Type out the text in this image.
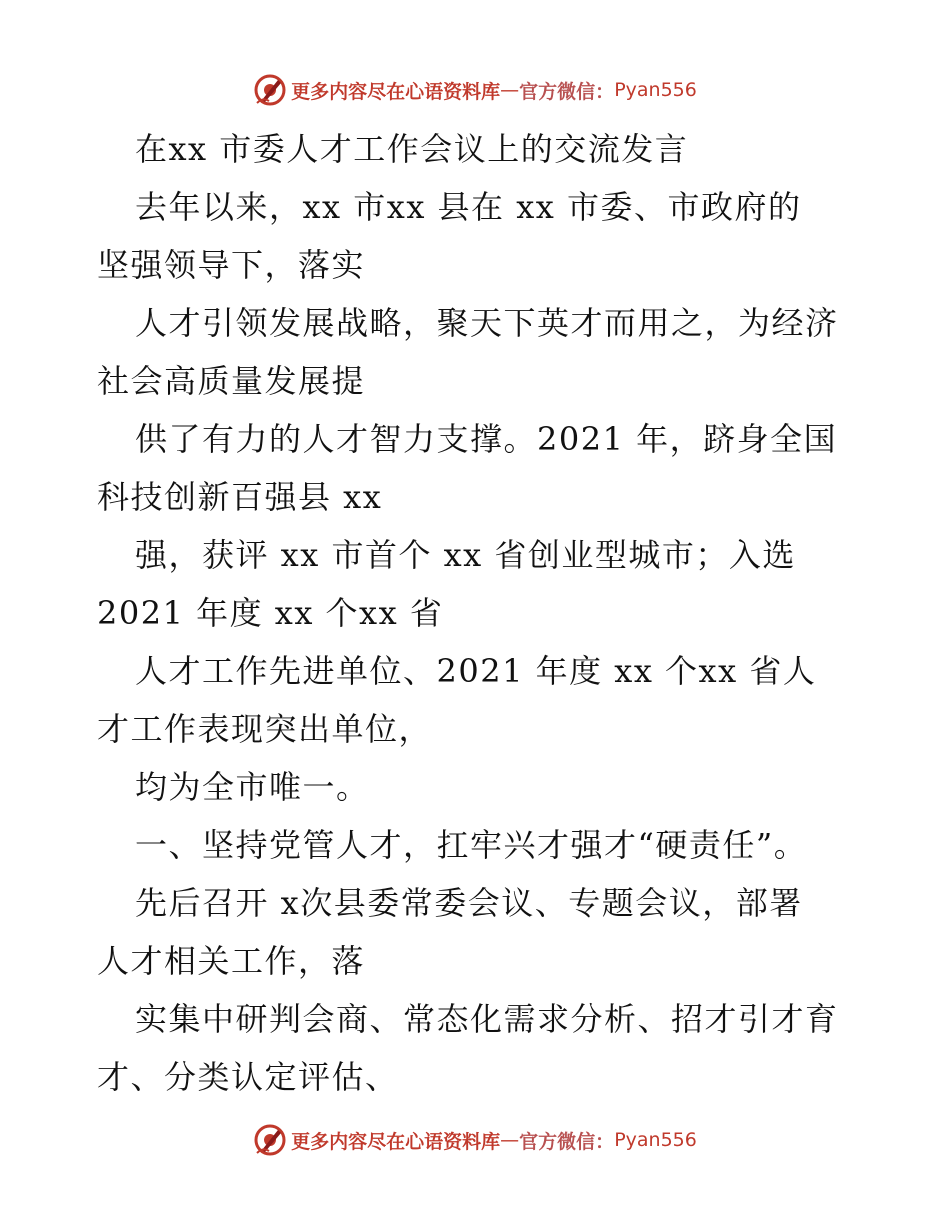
更多内容尽在心语资料库 — 官方微信： Pyan556
在xx 市委人才工作会议上的交流发言
去年以来，xx 市xx 县在 xx 市委、市政府的
坚强领导下，落实
人才引领发展战略，聚天下英才而用之，为经济
社会高质量发展提
供了有力的人才智力支撑。2021 年，跻身全国
科技创新百强县 xx
强，获评 xx 市首个 xx 省创业型城市；入选
2021 年度 xx 个xx 省
人才工作先进单位、2021 年度 xx 个xx 省人
才工作表现突出单位，
均为全市唯一。
一、坚持党管人才，扛牢兴才强才“硬责任”。
先后召开 x次县委常委会议、专题会议，部署
人才相关工作，落
实集中研判会商、常态化需求分析、招才引才育
才、分类认定评估、
更多内容尽在心语资料库 — 官方微信： Pyan556
